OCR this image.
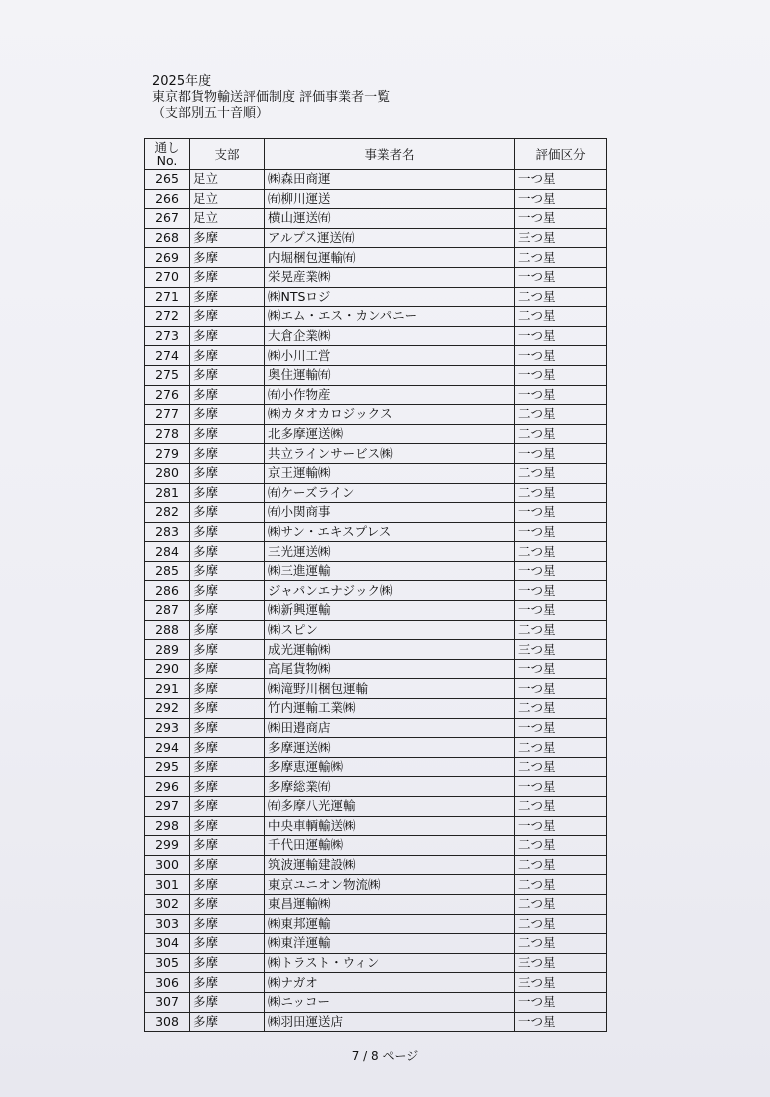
2025年度
東京都貨物輸送評価制度 評価事業者一覧
（支部別五十音順）
通し
No.	支部	事業者名	評価区分
265	足立	㈱森田商運	一つ星
266	足立	㈲柳川運送	一つ星
267	足立	横山運送㈲	一つ星
268	多摩	アルプス運送㈲	三つ星
269	多摩	内堀梱包運輸㈲	二つ星
270	多摩	栄晃産業㈱	一つ星
271	多摩	㈱NTSロジ	二つ星
272	多摩	㈱エム・エス・カンパニー	二つ星
273	多摩	大倉企業㈱	一つ星
274	多摩	㈱小川工営	一つ星
275	多摩	奥住運輸㈲	一つ星
276	多摩	㈲小作物産	一つ星
277	多摩	㈱カタオカロジックス	二つ星
278	多摩	北多摩運送㈱	二つ星
279	多摩	共立ラインサービス㈱	一つ星
280	多摩	京王運輸㈱	二つ星
281	多摩	㈲ケーズライン	二つ星
282	多摩	㈲小関商事	一つ星
283	多摩	㈱サン・エキスプレス	一つ星
284	多摩	三光運送㈱	二つ星
285	多摩	㈱三進運輸	一つ星
286	多摩	ジャパンエナジック㈱	一つ星
287	多摩	㈱新興運輸	一つ星
288	多摩	㈱スピン	二つ星
289	多摩	成光運輸㈱	三つ星
290	多摩	高尾貨物㈱	一つ星
291	多摩	㈱滝野川梱包運輸	一つ星
292	多摩	竹内運輸工業㈱	二つ星
293	多摩	㈱田邉商店	一つ星
294	多摩	多摩運送㈱	二つ星
295	多摩	多摩恵運輸㈱	二つ星
296	多摩	多摩総業㈲	一つ星
297	多摩	㈲多摩八光運輸	二つ星
298	多摩	中央車輌輸送㈱	一つ星
299	多摩	千代田運輸㈱	二つ星
300	多摩	筑波運輸建設㈱	二つ星
301	多摩	東京ユニオン物流㈱	二つ星
302	多摩	東昌運輸㈱	二つ星
303	多摩	㈱東邦運輸	二つ星
304	多摩	㈱東洋運輸	二つ星
305	多摩	㈱トラスト・ウィン	三つ星
306	多摩	㈱ナガオ	三つ星
307	多摩	㈱ニッコー	一つ星
308	多摩	㈱羽田運送店	一つ星
7 / 8 ページ
